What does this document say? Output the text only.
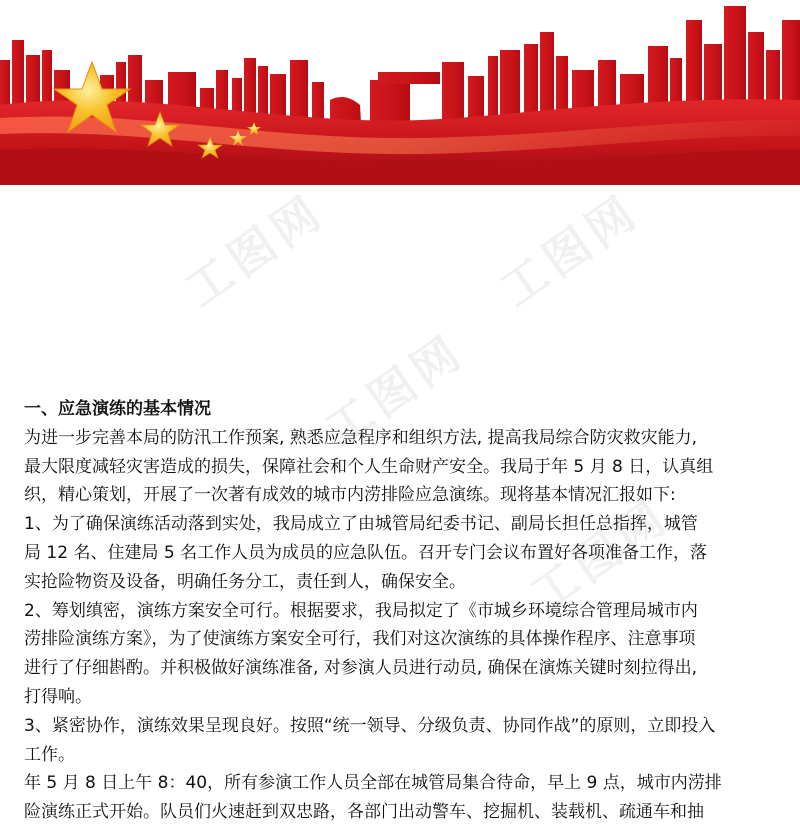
工图网	工图网
工图网
工图网

一、应急演练的基本情况

为进一步完善本局的防汛工作预案, 熟悉应急程序和组织方法, 提高我局综合防灾救灾能力,

最大限度减轻灾害造成的损失，保障社会和个人生命财产安全。我局于年 5 月 8 日，认真组

织，精心策划，开展了一次著有成效的城市内涝排险应急演练。现将基本情况汇报如下:

1、为了确保演练活动落到实处，我局成立了由城管局纪委书记、副局长担任总指挥，城管

局 12 名、住建局 5 名工作人员为成员的应急队伍。召开专门会议布置好各项准备工作，落

实抢险物资及设备，明确任务分工，责任到人，确保安全。

2、筹划缜密，演练方案安全可行。根据要求，我局拟定了《市城乡环境综合管理局城市内

涝排险演练方案》，为了使演练方案安全可行，我们对这次演练的具体操作程序、注意事项

进行了仔细斟酌。并积极做好演练准备, 对参演人员进行动员, 确保在演炼关键时刻拉得出,

打得响。

3、紧密协作，演练效果呈现良好。按照“统一领导、分级负责、协同作战”的原则，立即投入

工作。

年 5 月 8 日上午 8：40，所有参演工作人员全部在城管局集合待命，早上 9 点，城市内涝排

险演练正式开始。队员们火速赶到双忠路，各部门出动警车、挖掘机、装载机、疏通车和抽
